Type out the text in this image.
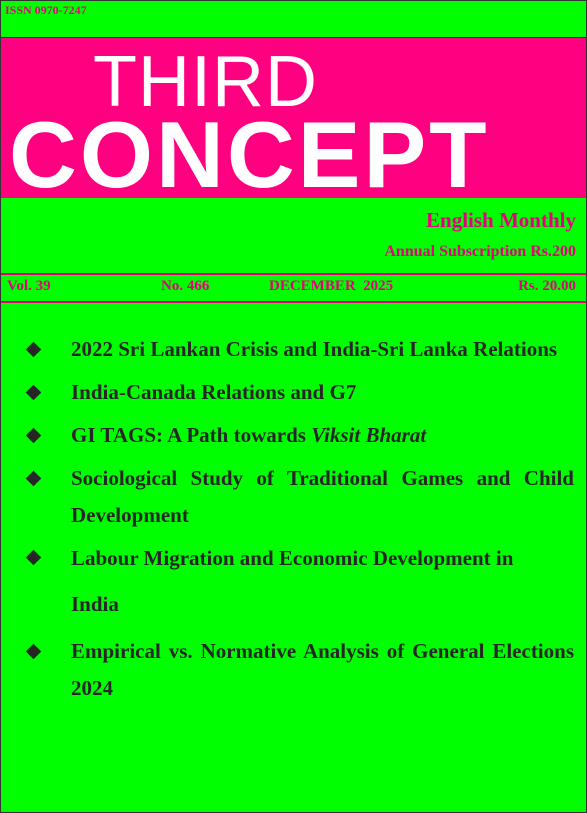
ISSN 0970-7247
THIRD
CONCEPT
English Monthly
Annual Subscription Rs.200
Vol. 39	No. 466	DECEMBER  2025	Rs. 20.00
2022 Sri Lankan Crisis and India-Sri Lanka Relations
India-Canada Relations and G7
GI TAGS: A Path towards Viksit Bharat
Sociological Study of Traditional Games and Child Development
Labour Migration and Economic Development in India
Empirical vs. Normative Analysis of General Elections 2024
